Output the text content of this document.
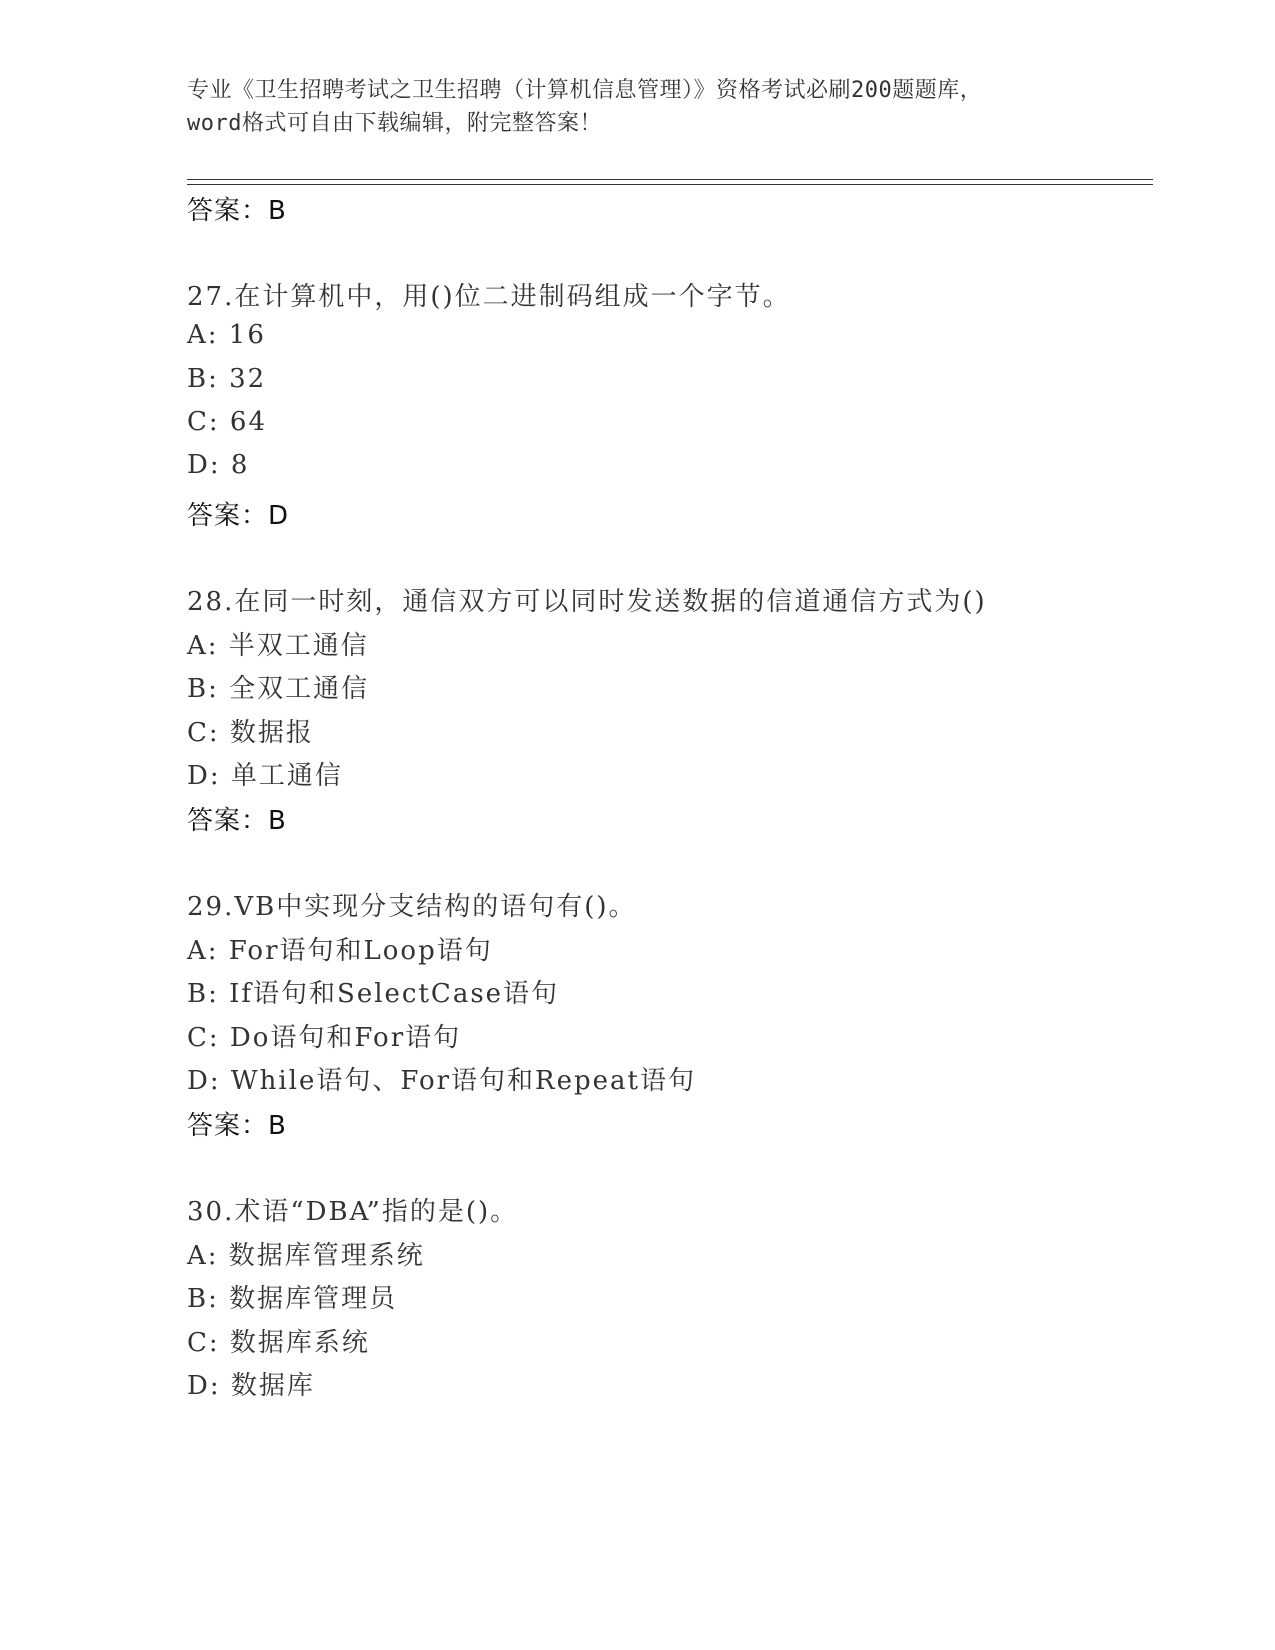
专业《卫生招聘考试之卫生招聘（计算机信息管理）》资格考试必刷200题题库，
word格式可自由下载编辑，附完整答案！
答案：B
27.在计算机中，用()位二进制码组成一个字节。
A: 16
B: 32
C: 64
D: 8
答案：D
28.在同一时刻，通信双方可以同时发送数据的信道通信方式为()
A: 半双工通信
B: 全双工通信
C: 数据报
D: 单工通信
答案：B
29.VB中实现分支结构的语句有()。
A: For语句和Loop语句
B: If语句和SelectCase语句
C: Do语句和For语句
D: While语句、For语句和Repeat语句
答案：B
30.术语“DBA”指的是()。
A: 数据库管理系统
B: 数据库管理员
C: 数据库系统
D: 数据库
